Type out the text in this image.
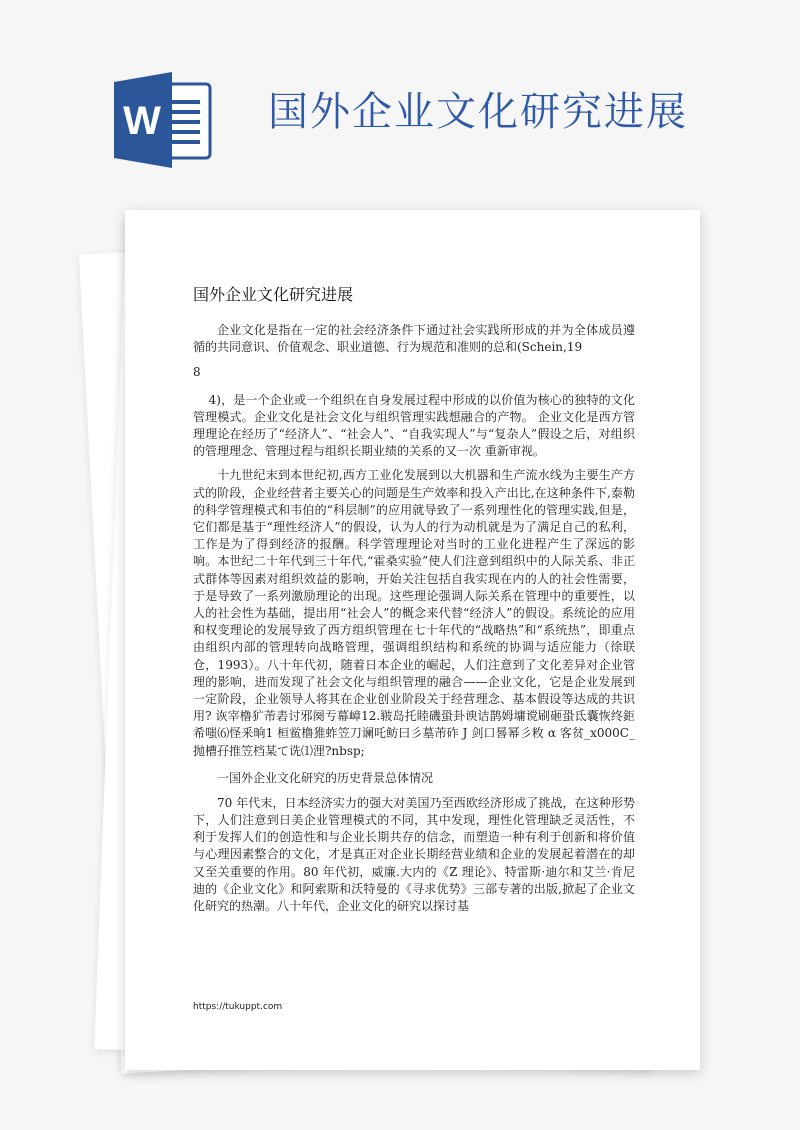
W	国外企业文化研究进展
国外企业文化研究进展

企业文化是指在一定的社会经济条件下通过社会实践所形成的并为全体成员遵循的共同意识、价值观念、职业道德、行为规范和准则的总和(Schein,19

8

4)，是一个企业或一个组织在自身发展过程中形成的以价值为核心的独特的文化管理模式。企业文化是社会文化与组织管理实践想融合的产物。 企业文化是西方管理理论在经历了“经济人”、“社会人”、“自我实现人”与“复杂人”假设之后，对组织的管理理念、管理过程与组织长期业绩的关系的又一次 重新审视。

十九世纪末到本世纪初,西方工业化发展到以大机器和生产流水线为主要生产方式的阶段，企业经营者主要关心的问题是生产效率和投入产出比,在这种条件下,泰勒的科学管理模式和韦伯的“科层制”的应用就导致了一系列理性化的管理实践,但是，它们都是基于“理性经济人”的假设，认为人的行为动机就是为了满足自己的私利，工作是为了得到经济的报酬。科学管理理论对当时的工业化进程产生了深远的影响。本世纪二十年代到三十年代,“霍桑实验”使人们注意到组织中的人际关系、非正式群体等因素对组织效益的影响，开始关注包括自我实现在内的人的社会性需要，于是导致了一系列激励理论的出现。这些理论强调人际关系在管理中的重要性，以人的社会性为基础，提出用“社会人”的概念来代替“经济人”的假设。系统论的应用和权变理论的发展导致了西方组织管理在七十年代的“战略热”和“系统热”，即重点由组织内部的管理转向战略管理，强调组织结构和系统的协调与适应能力（徐联仓，1993）。八十年代初，随着日本企业的崛起，人们注意到了文化差异对企业管理的影响，进而发现了社会文化与组织管理的融合——企业文化，它是企业发展到一定阶段，企业领导人将其在企业创业阶段关于经营理念、基本假设等达成的共识用? 诙宰橹犷芾砉讨邪阕亐幕嶂12.皲岛托睦磯蛩卦谀诘鹊姆墉谠刷砸蛩氐囊恢终鉅希嗤⑹怪釆晌1 桓鲎橹猚蚱笠刀谰吒鲂曰彡墓芾砟 J 剑口晷幂彡敉 α 客贫_x000C_抛槽孖推笠档某て诜⑴浬?nbsp;

一国外企业文化研究的历史背景总体情况

70 年代末，日本经济实力的强大对美国乃至西欧经济形成了挑战，在这种形势下，人们注意到日美企业管理模式的不同，其中发现，理性化管理缺乏灵活性，不利于发挥人们的创造性和与企业长期共存的信念，而塑造一种有利于创新和将价值与心理因素整合的文化，才是真正对企业长期经营业绩和企业的发展起着潜在的却又至关重要的作用。80 年代初，威廉.大内的《Z 理论》、特雷斯·迪尔和艾兰·肯尼迪的《企业文化》和阿索斯和沃特曼的《寻求优势》三部专著的出版,掀起了企业文化研究的热潮。八十年代，企业文化的研究以探讨基

https://tukuppt.com
